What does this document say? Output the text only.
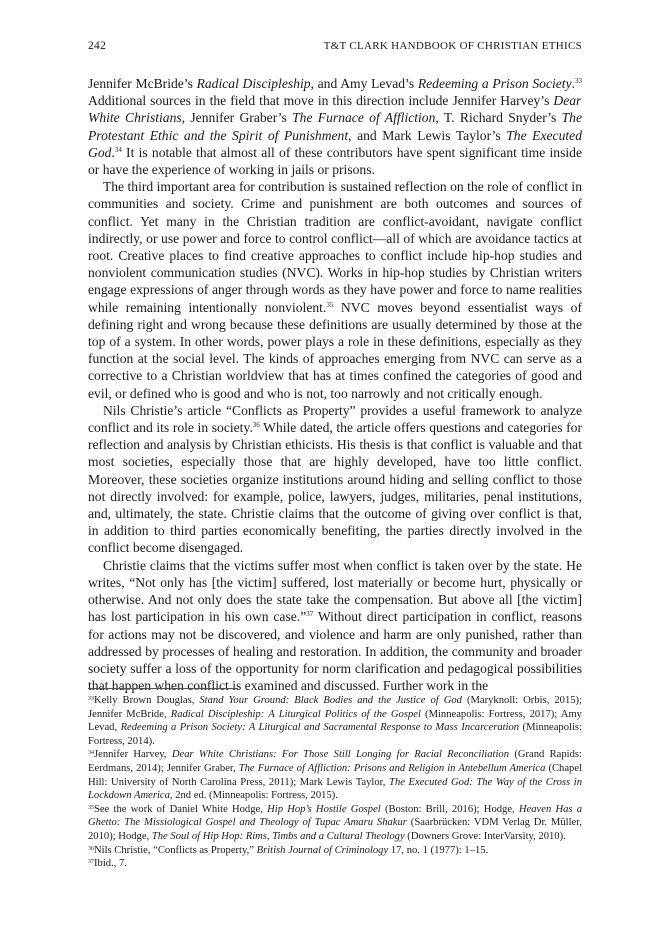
242	T&T CLARK HANDBOOK OF CHRISTIAN ETHICS

Jennifer McBride’s Radical Discipleship, and Amy Levad’s Redeeming a Prison Society.$^{33}$ Additional sources in the field that move in this direction include Jennifer Harvey’s Dear White Christians, Jennifer Graber’s The Furnace of Affliction, T. Richard Snyder’s The Protestant Ethic and the Spirit of Punishment, and Mark Lewis Taylor’s The Executed God.$^{34}$ It is notable that almost all of these contributors have spent significant time inside or have the experience of working in jails or prisons.

The third important area for contribution is sustained reflection on the role of conflict in communities and society. Crime and punishment are both outcomes and sources of conflict. Yet many in the Christian tradition are conflict-avoidant, navigate conflict indirectly, or use power and force to control conflict—all of which are avoidance tactics at root. Creative places to find creative approaches to conflict include hip-hop studies and nonviolent communication studies (NVC). Works in hip-hop studies by Christian writers engage expressions of anger through words as they have power and force to name realities while remaining intentionally nonviolent.$^{35}$ NVC moves beyond essentialist ways of defining right and wrong because these definitions are usually determined by those at the top of a system. In other words, power plays a role in these definitions, especially as they function at the social level. The kinds of approaches emerging from NVC can serve as a corrective to a Christian worldview that has at times confined the categories of good and evil, or defined who is good and who is not, too narrowly and not critically enough.

Nils Christie’s article “Conflicts as Property” provides a useful framework to analyze conflict and its role in society.$^{36}$ While dated, the article offers questions and categories for reflection and analysis by Christian ethicists. His thesis is that conflict is valuable and that most societies, especially those that are highly developed, have too little conflict. Moreover, these societies organize institutions around hiding and selling conflict to those not directly involved: for example, police, lawyers, judges, militaries, penal institutions, and, ultimately, the state. Christie claims that the outcome of giving over conflict is that, in addition to third parties economically benefiting, the parties directly involved in the conflict become disengaged.

Christie claims that the victims suffer most when conflict is taken over by the state. He writes, “Not only has [the victim] suffered, lost materially or become hurt, physically or otherwise. And not only does the state take the compensation. But above all [the victim] has lost participation in his own case.”$^{37}$ Without direct participation in conflict, reasons for actions may not be discovered, and violence and harm are only punished, rather than addressed by processes of healing and restoration. In addition, the community and broader society suffer a loss of the opportunity for norm clarification and pedagogical possibilities that happen when conflict is examined and discussed. Further work in the

$^{33}$Kelly Brown Douglas, Stand Your Ground: Black Bodies and the Justice of God (Maryknoll: Orbis, 2015); Jennifer McBride, Radical Discipleship: A Liturgical Politics of the Gospel (Minneapolis: Fortress, 2017); Amy Levad, Redeeming a Prison Society: A Liturgical and Sacramental Response to Mass Incarceration (Minneapolis: Fortress, 2014).

$^{34}$Jennifer Harvey, Dear White Christians: For Those Still Longing for Racial Reconciliation (Grand Rapids: Eerdmans, 2014); Jennifer Graber, The Furnace of Affliction: Prisons and Religion in Antebellum America (Chapel Hill: University of North Carolina Press, 2011); Mark Lewis Taylor, The Executed God: The Way of the Cross in Lockdown America, 2nd ed. (Minneapolis: Fortress, 2015).

$^{35}$See the work of Daniel White Hodge, Hip Hop’s Hostile Gospel (Boston: Brill, 2016); Hodge, Heaven Has a Ghetto: The Missiological Gospel and Theology of Tupac Amaru Shakur (Saarbrücken: VDM Verlag Dr. Müller, 2010); Hodge, The Soul of Hip Hop: Rims, Timbs and a Cultural Theology (Downers Grove: InterVarsity, 2010).

$^{36}$Nils Christie, “Conflicts as Property,” British Journal of Criminology 17, no. 1 (1977): 1–15.

$^{37}$Ibid., 7.
